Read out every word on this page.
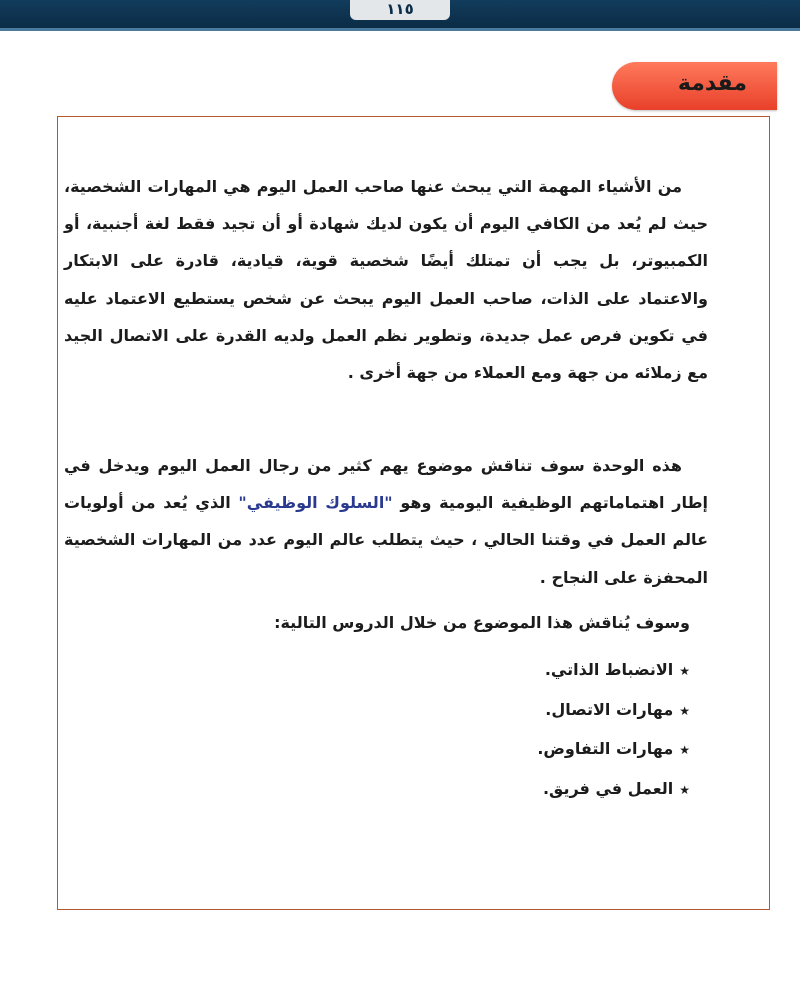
١١٥
مقدمة
من الأشياء المهمة التي يبحث عنها صاحب العمل اليوم هي المهارات الشخصية، حيث لم يُعد من الكافي اليوم أن يكون لديك شهادة أو أن تجيد فقط لغة أجنبية، أو الكمبيوتر، بل يجب أن تمتلك أيضًا شخصية قوية، قيادية، قادرة على الابتكار والاعتماد على الذات، صاحب العمل اليوم يبحث عن شخص يستطيع الاعتماد عليه في تكوين فرص عمل جديدة، وتطوير نظم العمل ولديه القدرة على الاتصال الجيد مع زملائه من جهة ومع العملاء من جهة أخرى .
هذه الوحدة سوف تناقش موضوع يهم كثير من رجال العمل اليوم ويدخل في إطار اهتماماتهم الوظيفية اليومية وهو "السلوك الوظيفي" الذي يُعد من أولويات عالم العمل في وقتنا الحالي ، حيث يتطلب عالم اليوم عدد من المهارات الشخصية المحفزة على النجاح .
وسوف يُناقش هذا الموضوع من خلال الدروس التالية:
★الانضباط الذاتي.
★مهارات الاتصال.
★مهارات التفاوض.
★العمل في فريق.
